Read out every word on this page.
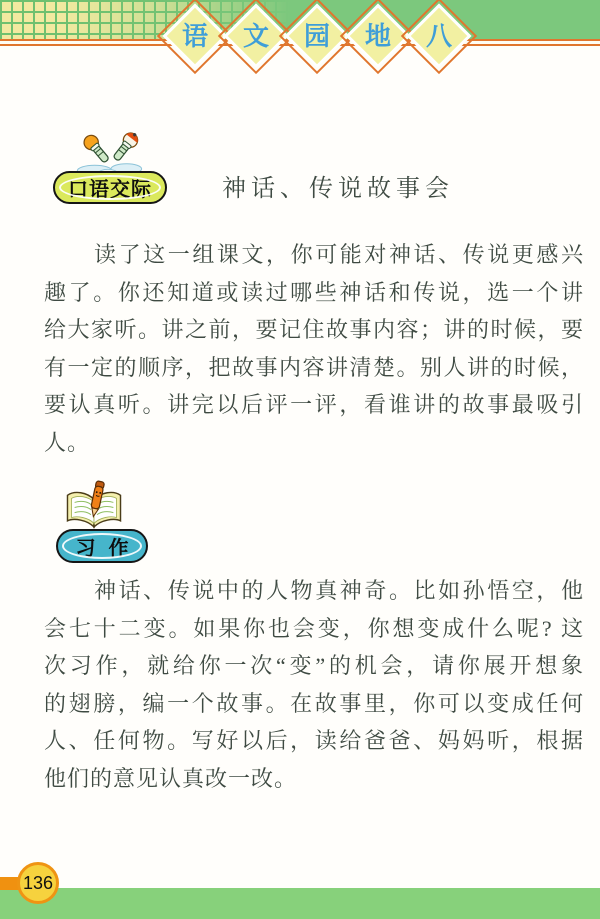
语 文 园 地 八
口语交际	神话、传说故事会
读了这一组课文，你可能对神话、传说更感兴
趣了。你还知道或读过哪些神话和传说，选一个讲
给大家听。讲之前，要记住故事内容；讲的时候，要
有一定的顺序，把故事内容讲清楚。别人讲的时候，
要认真听。讲完以后评一评，看谁讲的故事最吸引
人。
习作
神话、传说中的人物真神奇。比如孙悟空，他
会七十二变。如果你也会变，你想变成什么呢? 这
次习作，就给你一次“变”的机会，请你展开想象
的翅膀，编一个故事。在故事里，你可以变成任何
人、任何物。写好以后，读给爸爸、妈妈听，根据
他们的意见认真改一改。
136
